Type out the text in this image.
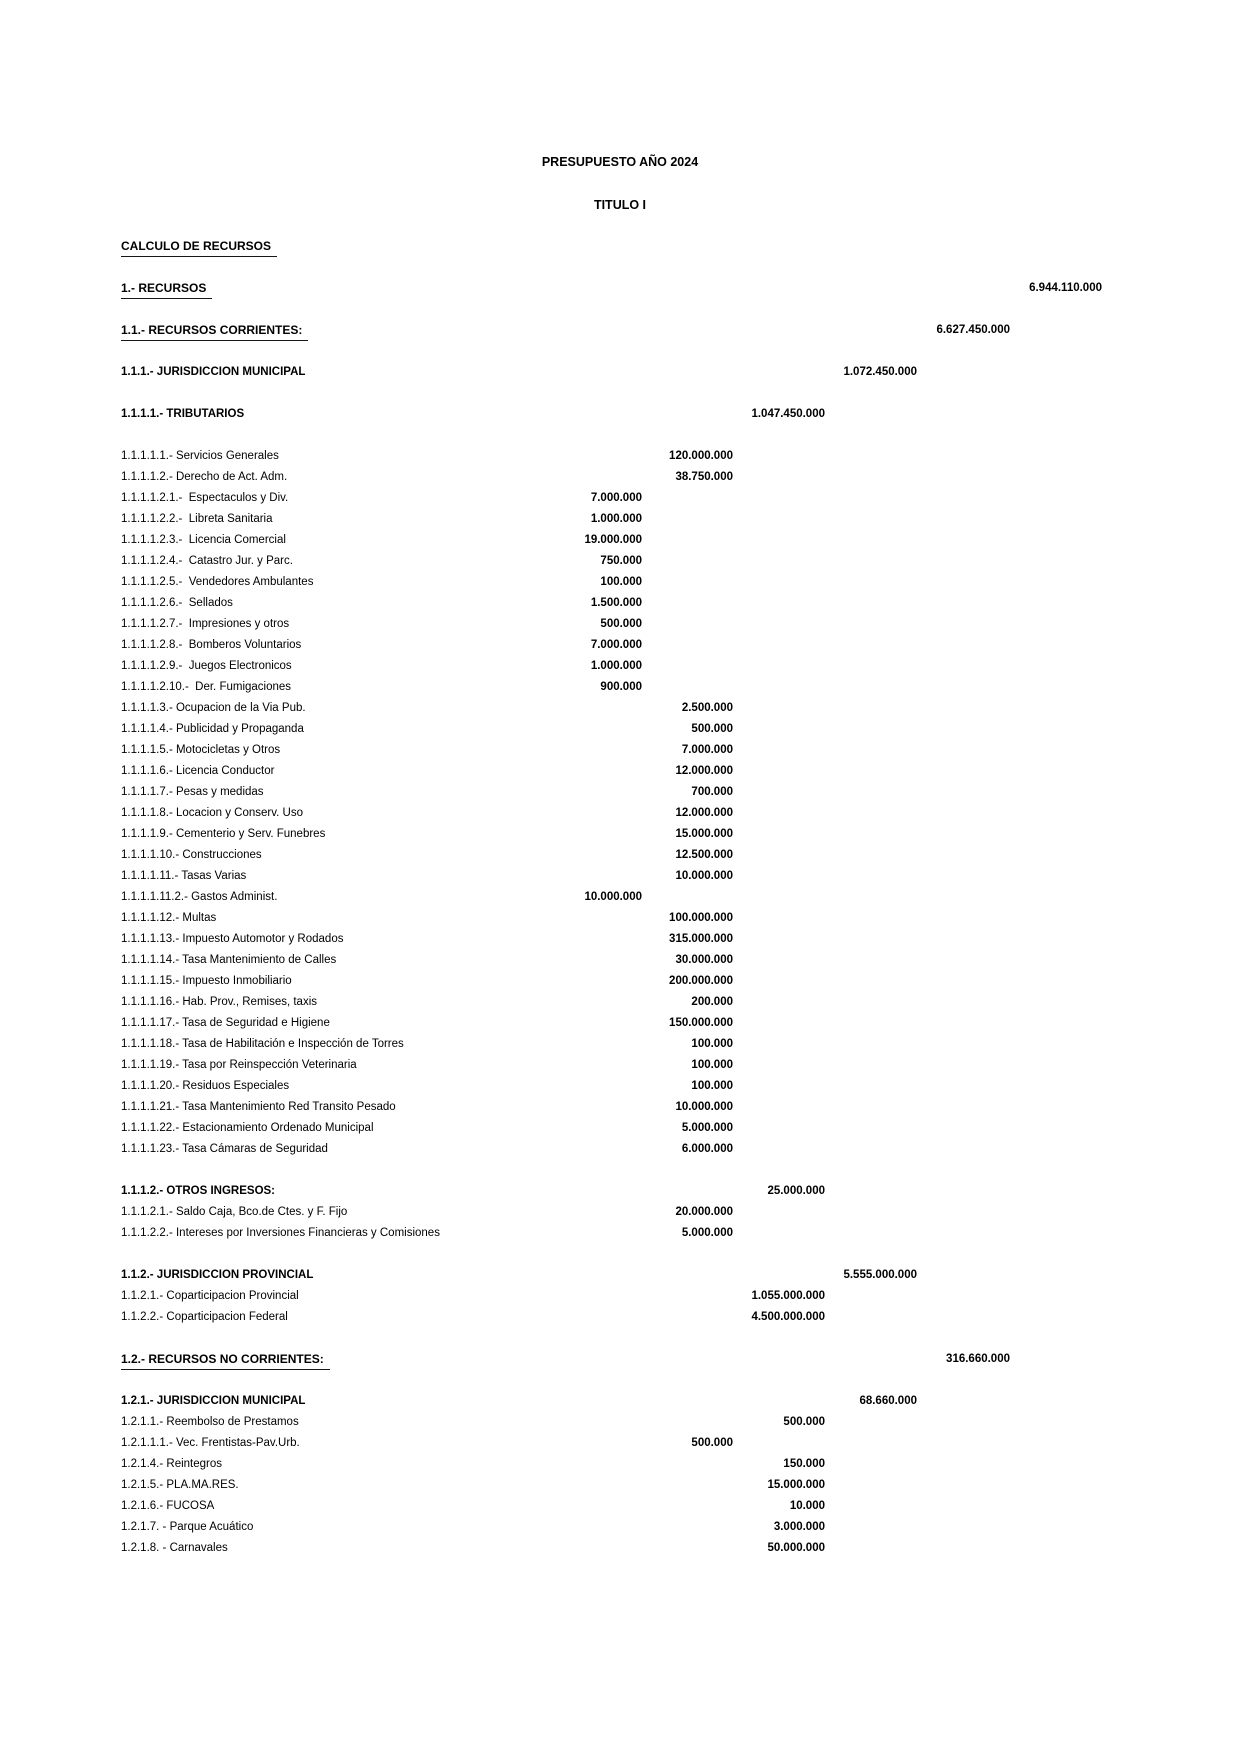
PRESUPUESTO AÑO 2024
TITULO I
CALCULO DE RECURSOS
1.- RECURSOS	6.944.110.000
1.1.- RECURSOS CORRIENTES:	6.627.450.000
1.1.1.- JURISDICCION MUNICIPAL	1.072.450.000
1.1.1.1.- TRIBUTARIOS	1.047.450.000
1.1.1.1.1.- Servicios Generales	120.000.000
1.1.1.1.2.- Derecho de Act. Adm.	38.750.000
1.1.1.1.2.1.-  Espectaculos y Div.	7.000.000
1.1.1.1.2.2.-  Libreta Sanitaria	1.000.000
1.1.1.1.2.3.-  Licencia Comercial	19.000.000
1.1.1.1.2.4.-  Catastro Jur. y Parc.	750.000
1.1.1.1.2.5.-  Vendedores Ambulantes	100.000
1.1.1.1.2.6.-  Sellados	1.500.000
1.1.1.1.2.7.-  Impresiones y otros	500.000
1.1.1.1.2.8.-  Bomberos Voluntarios	7.000.000
1.1.1.1.2.9.-  Juegos Electronicos	1.000.000
1.1.1.1.2.10.-  Der. Fumigaciones	900.000
1.1.1.1.3.- Ocupacion de la Via Pub.	2.500.000
1.1.1.1.4.- Publicidad y Propaganda	500.000
1.1.1.1.5.- Motocicletas y Otros	7.000.000
1.1.1.1.6.- Licencia Conductor	12.000.000
1.1.1.1.7.- Pesas y medidas	700.000
1.1.1.1.8.- Locacion y Conserv. Uso	12.000.000
1.1.1.1.9.- Cementerio y Serv. Funebres	15.000.000
1.1.1.1.10.- Construcciones	12.500.000
1.1.1.1.11.- Tasas Varias	10.000.000
1.1.1.1.11.2.- Gastos Administ.	10.000.000
1.1.1.1.12.- Multas	100.000.000
1.1.1.1.13.- Impuesto Automotor y Rodados	315.000.000
1.1.1.1.14.- Tasa Mantenimiento de Calles	30.000.000
1.1.1.1.15.- Impuesto Inmobiliario	200.000.000
1.1.1.1.16.- Hab. Prov., Remises, taxis	200.000
1.1.1.1.17.- Tasa de Seguridad e Higiene	150.000.000
1.1.1.1.18.- Tasa de Habilitación e Inspección de Torres	100.000
1.1.1.1.19.- Tasa por Reinspección Veterinaria	100.000
1.1.1.1.20.- Residuos Especiales	100.000
1.1.1.1.21.- Tasa Mantenimiento Red Transito Pesado	10.000.000
1.1.1.1.22.- Estacionamiento Ordenado Municipal	5.000.000
1.1.1.1.23.- Tasa Cámaras de Seguridad	6.000.000
1.1.1.2.- OTROS INGRESOS:	25.000.000
1.1.1.2.1.- Saldo Caja, Bco.de Ctes. y F. Fijo	20.000.000
1.1.1.2.2.- Intereses por Inversiones Financieras y Comisiones	5.000.000
1.1.2.- JURISDICCION PROVINCIAL	5.555.000.000
1.1.2.1.- Coparticipacion Provincial	1.055.000.000
1.1.2.2.- Coparticipacion Federal	4.500.000.000
1.2.- RECURSOS NO CORRIENTES:	316.660.000
1.2.1.- JURISDICCION MUNICIPAL	68.660.000
1.2.1.1.- Reembolso de Prestamos	500.000
1.2.1.1.1.- Vec. Frentistas-Pav.Urb.	500.000
1.2.1.4.- Reintegros	150.000
1.2.1.5.- PLA.MA.RES.	15.000.000
1.2.1.6.- FUCOSA	10.000
1.2.1.7. - Parque Acuático	3.000.000
1.2.1.8. - Carnavales	50.000.000
